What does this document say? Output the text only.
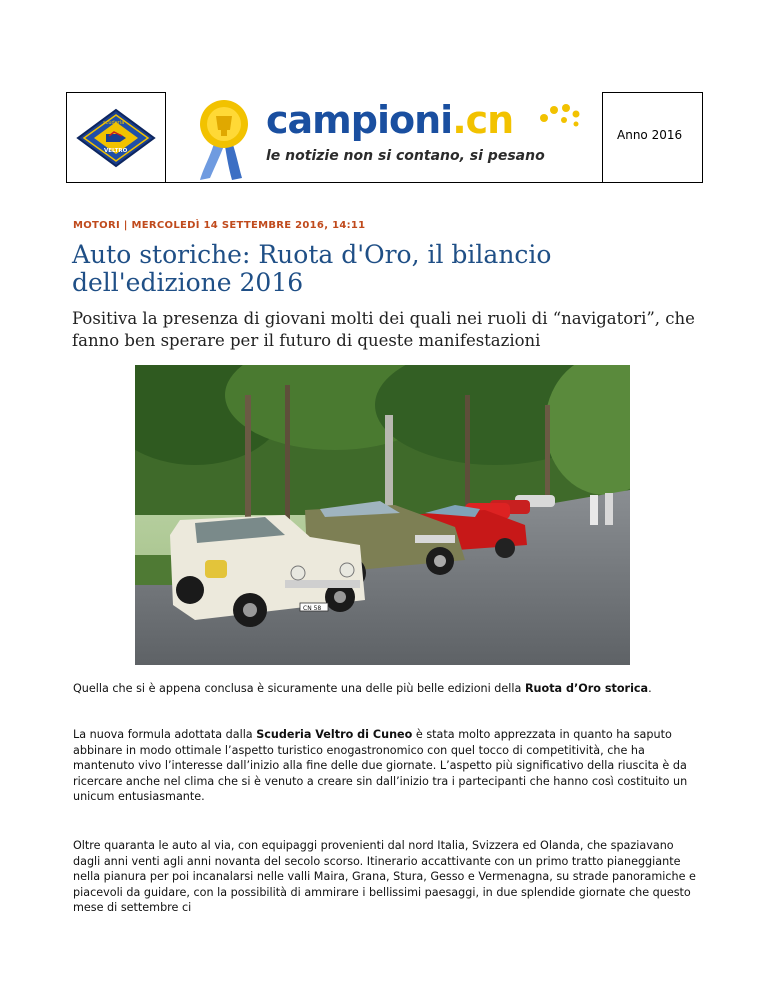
scuderia
VELTRO
campioni.cn
le notizie non si contano, si pesano
Anno 2016
MOTORI | MERCOLEDÌ 14 SETTEMBRE 2016, 14:11
Auto storiche: Ruota d'Oro, il bilancio dell'edizione 2016
Positiva la presenza di giovani molti dei quali nei ruoli di “navigatori”, che fanno ben sperare per il futuro di queste manifestazioni
CN 58
Quella che si è appena conclusa è sicuramente una delle più belle edizioni della Ruota d’Oro storica.
La nuova formula adottata dalla Scuderia Veltro di Cuneo è stata molto apprezzata in quanto ha saputo abbinare in modo ottimale l’aspetto turistico enogastronomico con quel tocco di competitività, che ha mantenuto vivo l’interesse dall’inizio alla fine delle due giornate. L’aspetto più significativo della riuscita è da ricercare anche nel clima che si è venuto a creare sin dall’inizio tra i partecipanti che hanno così costituito un unicum entusiasmante.
Oltre quaranta le auto al via, con equipaggi provenienti dal nord Italia, Svizzera ed Olanda, che spaziavano dagli anni venti agli anni novanta del secolo scorso. Itinerario accattivante con un primo tratto pianeggiante nella pianura per poi incanalarsi nelle valli Maira, Grana, Stura, Gesso e Vermenagna, su strade panoramiche e piacevoli da guidare, con la possibilità di ammirare i bellissimi paesaggi, in due splendide giornate che questo mese di settembre ci
